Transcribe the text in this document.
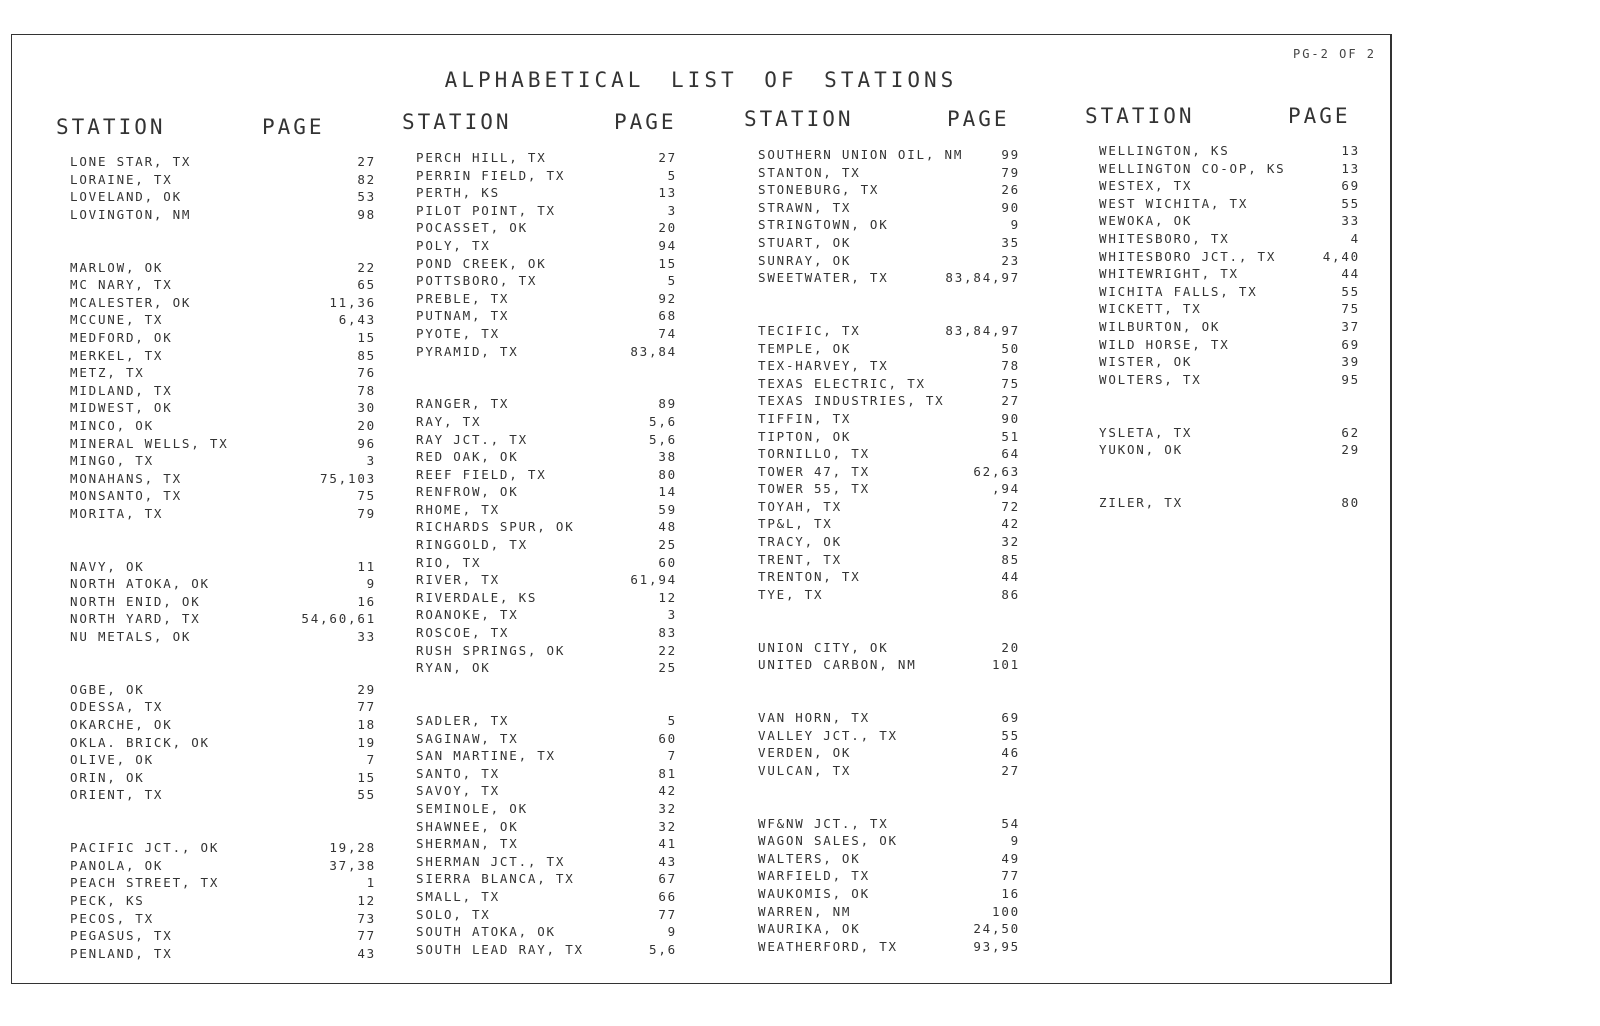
PG-2 OF 2
ALPHABETICAL LIST OF STATIONS
STATION	PAGE
LONE STAR, TX	27
LORAINE, TX	82
LOVELAND, OK	53
LOVINGTON, NM	98
MARLOW, OK	22
MC NARY, TX	65
MCALESTER, OK	11,36
MCCUNE, TX	6,43
MEDFORD, OK	15
MERKEL, TX	85
METZ, TX	76
MIDLAND, TX	78
MIDWEST, OK	30
MINCO, OK	20
MINERAL WELLS, TX	96
MINGO, TX	3
MONAHANS, TX	75,103
MONSANTO, TX	75
MORITA, TX	79
NAVY, OK	11
NORTH ATOKA, OK	9
NORTH ENID, OK	16
NORTH YARD, TX	54,60,61
NU METALS, OK	33
OGBE, OK	29
ODESSA, TX	77
OKARCHE, OK	18
OKLA. BRICK, OK	19
OLIVE, OK	7
ORIN, OK	15
ORIENT, TX	55
PACIFIC JCT., OK	19,28
PANOLA, OK	37,38
PEACH STREET, TX	1
PECK, KS	12
PECOS, TX	73
PEGASUS, TX	77
PENLAND, TX	43
STATION	PAGE
PERCH HILL, TX	27
PERRIN FIELD, TX	5
PERTH, KS	13
PILOT POINT, TX	3
POCASSET, OK	20
POLY, TX	94
POND CREEK, OK	15
POTTSBORO, TX	5
PREBLE, TX	92
PUTNAM, TX	68
PYOTE, TX	74
PYRAMID, TX	83,84
RANGER, TX	89
RAY, TX	5,6
RAY JCT., TX	5,6
RED OAK, OK	38
REEF FIELD, TX	80
RENFROW, OK	14
RHOME, TX	59
RICHARDS SPUR, OK	48
RINGGOLD, TX	25
RIO, TX	60
RIVER, TX	61,94
RIVERDALE, KS	12
ROANOKE, TX	3
ROSCOE, TX	83
RUSH SPRINGS, OK	22
RYAN, OK	25
SADLER, TX	5
SAGINAW, TX	60
SAN MARTINE, TX	7
SANTO, TX	81
SAVOY, TX	42
SEMINOLE, OK	32
SHAWNEE, OK	32
SHERMAN, TX	41
SHERMAN JCT., TX	43
SIERRA BLANCA, TX	67
SMALL, TX	66
SOLO, TX	77
SOUTH ATOKA, OK	9
SOUTH LEAD RAY, TX	5,6
STATION	PAGE
SOUTHERN UNION OIL, NM	99
STANTON, TX	79
STONEBURG, TX	26
STRAWN, TX	90
STRINGTOWN, OK	9
STUART, OK	35
SUNRAY, OK	23
SWEETWATER, TX	83,84,97
TECIFIC, TX	83,84,97
TEMPLE, OK	50
TEX-HARVEY, TX	78
TEXAS ELECTRIC, TX	75
TEXAS INDUSTRIES, TX	27
TIFFIN, TX	90
TIPTON, OK	51
TORNILLO, TX	64
TOWER 47, TX	62,63
TOWER 55, TX	,94
TOYAH, TX	72
TP&L, TX	42
TRACY, OK	32
TRENT, TX	85
TRENTON, TX	44
TYE, TX	86
UNION CITY, OK	20
UNITED CARBON, NM	101
VAN HORN, TX	69
VALLEY JCT., TX	55
VERDEN, OK	46
VULCAN, TX	27
WF&NW JCT., TX	54
WAGON SALES, OK	9
WALTERS, OK	49
WARFIELD, TX	77
WAUKOMIS, OK	16
WARREN, NM	100
WAURIKA, OK	24,50
WEATHERFORD, TX	93,95
STATION	PAGE
WELLINGTON, KS	13
WELLINGTON CO-OP, KS	13
WESTEX, TX	69
WEST WICHITA, TX	55
WEWOKA, OK	33
WHITESBORO, TX	4
WHITESBORO JCT., TX	4,40
WHITEWRIGHT, TX	44
WICHITA FALLS, TX	55
WICKETT, TX	75
WILBURTON, OK	37
WILD HORSE, TX	69
WISTER, OK	39
WOLTERS, TX	95
YSLETA, TX	62
YUKON, OK	29
ZILER, TX	80
